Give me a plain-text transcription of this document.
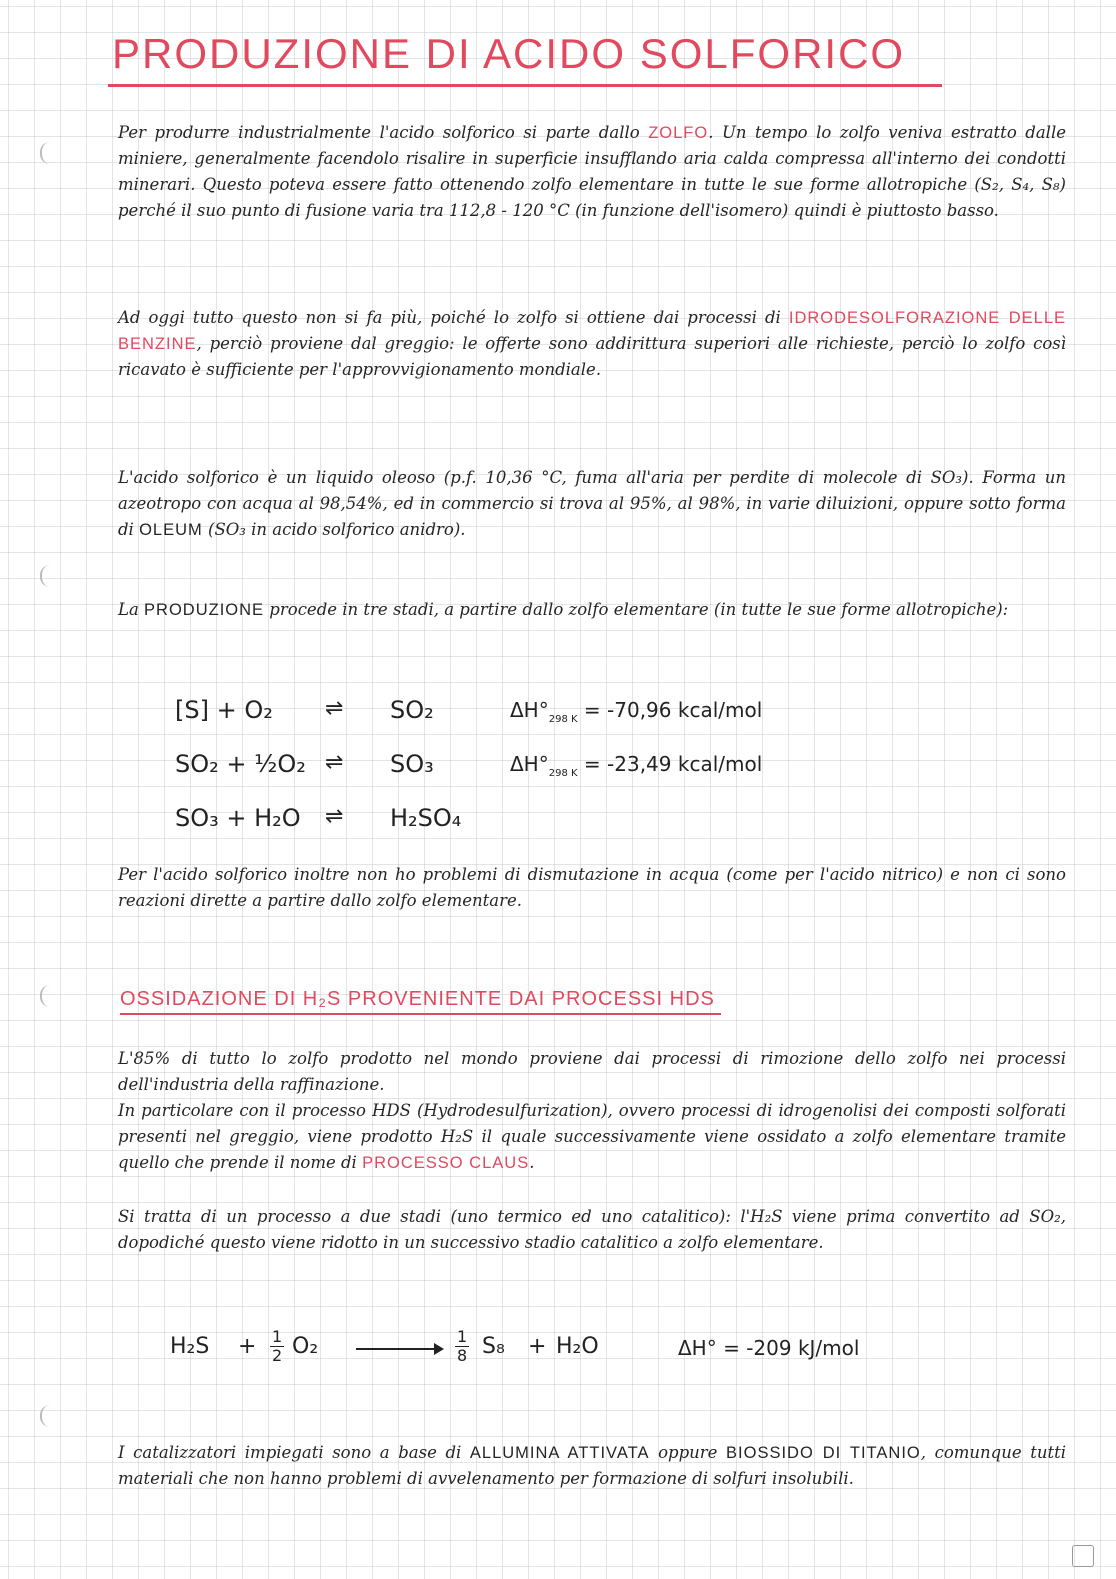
PRODUZIONE DI ACIDO SOLFORICO

Per produrre industrialmente l'acido solforico si parte dallo ZOLFO. Un tempo lo zolfo veniva estratto dalle miniere, generalmente facendolo risalire in superficie insufflando aria calda compressa all'interno dei condotti minerari. Questo poteva essere fatto ottenendo zolfo elementare in tutte le sue forme allotropiche (S₂, S₄, S₈) perché il suo punto di fusione varia tra 112,8 - 120 °C (in funzione dell'isomero) quindi è piuttosto basso.

Ad oggi tutto questo non si fa più, poiché lo zolfo si ottiene dai processi di IDRODESOLFORAZIONE DELLE BENZINE, perciò proviene dal greggio: le offerte sono addirittura superiori alle richieste, perciò lo zolfo così ricavato è sufficiente per l'approvvigionamento mondiale.

L'acido solforico è un liquido oleoso (p.f. 10,36 °C, fuma all'aria per perdite di molecole di SO₃). Forma un azeotropo con acqua al 98,54%, ed in commercio si trova al 95%, al 98%, in varie diluizioni, oppure sotto forma di OLEUM (SO₃ in acido solforico anidro).

La PRODUZIONE procede in tre stadi, a partire dallo zolfo elementare (in tutte le sue forme allotropiche):

[S] + O₂ ⇌ SO₂	$\Delta H^\circ_{298 K} = -70,96$ kcal/mol
SO₂ + ½O₂ ⇌ SO₃	$\Delta H^\circ_{298 K} = -23,49$ kcal/mol
SO₃ + H₂O ⇌ H₂SO₄

Per l'acido solforico inoltre non ho problemi di dismutazione in acqua (come per l'acido nitrico) e non ci sono reazioni dirette a partire dallo zolfo elementare.

OSSIDAZIONE DI H₂S PROVENIENTE DAI PROCESSI HDS

L'85% di tutto lo zolfo prodotto nel mondo proviene dai processi di rimozione dello zolfo nei processi dell'industria della raffinazione.

In particolare con il processo HDS (Hydrodesulfurization), ovvero processi di idrogenolisi dei composti solforati presenti nel greggio, viene prodotto H₂S il quale successivamente viene ossidato a zolfo elementare tramite quello che prende il nome di PROCESSO CLAUS.

Si tratta di un processo a due stadi (uno termico ed uno catalitico): l'H₂S viene prima convertito ad SO₂, dopodiché questo viene ridotto in un successivo stadio catalitico a zolfo elementare.

$H_2S + \frac{1}{2} O_2$	$\frac{1}{8} S_8 + H_2O$	ΔH° = -209 kJ/mol

I catalizzatori impiegati sono a base di ALLUMINA ATTIVATA oppure BIOSSIDO DI TITANIO, comunque tutti materiali che non hanno problemi di avvelenamento per formazione di solfuri insolubili.
